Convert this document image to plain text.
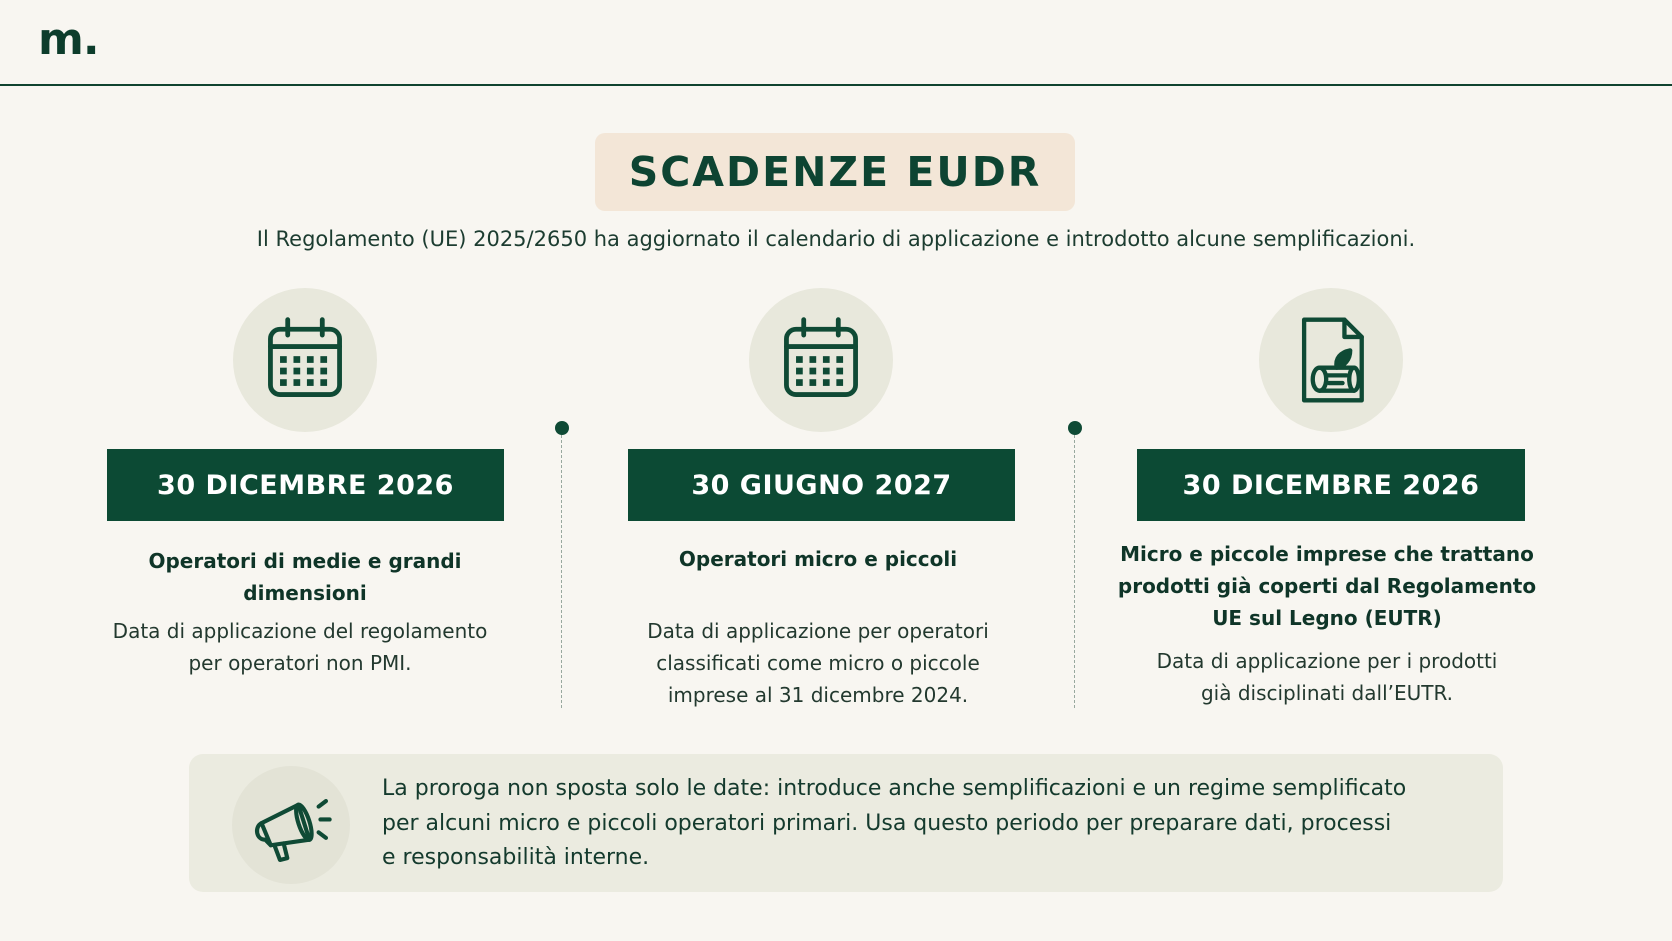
m.
SCADENZE EUDR
Il Regolamento (UE) 2025/2650 ha aggiornato il calendario di applicazione e introdotto alcune semplificazioni.
30 DICEMBRE 2026	30 GIUGNO 2027	30 DICEMBRE 2026
Operatori di medie e grandi dimensioni
Data di applicazione del regolamento
per operatori non PMI.
Operatori micro e piccoli
Data di applicazione per operatori
classificati come micro o piccole
imprese al 31 dicembre 2024.
Micro e piccole imprese che trattano
prodotti già coperti dal Regolamento
UE sul Legno (EUTR)
Data di applicazione per i prodotti
già disciplinati dall’EUTR.
La proroga non sposta solo le date: introduce anche semplificazioni e un regime semplificato
per alcuni micro e piccoli operatori primari. Usa questo periodo per preparare dati, processi
e responsabilità interne.
